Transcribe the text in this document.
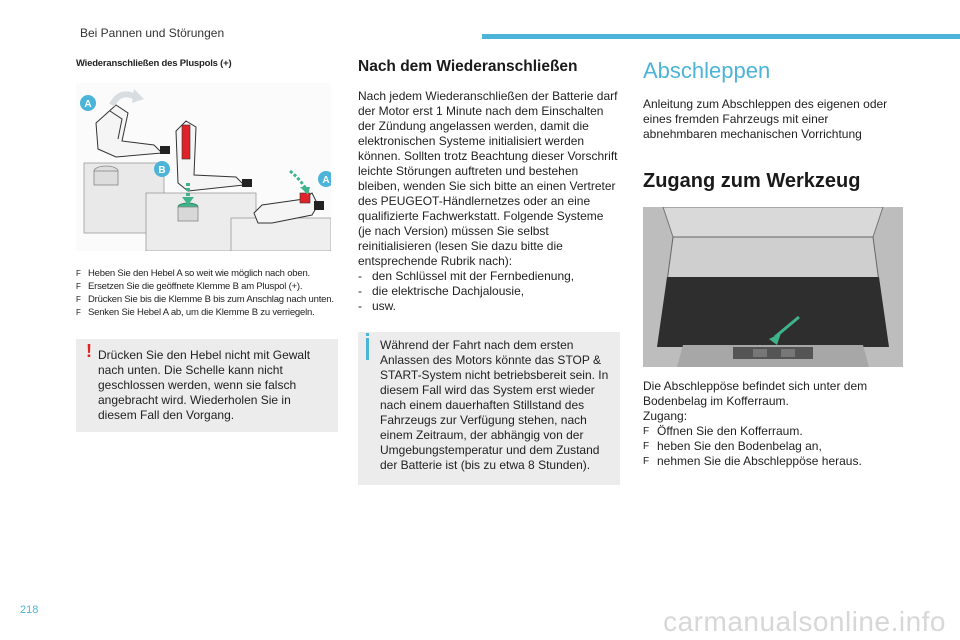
Bei Pannen und Störungen
Wiederanschließen des Pluspols (+)
A
B
A
F Heben Sie den Hebel A so weit wie möglich nach oben.
F Ersetzen Sie die geöffnete Klemme B am Pluspol (+).
F Drücken Sie bis die Klemme B bis zum Anschlag nach unten.
F Senken Sie Hebel A ab, um die Klemme B zu verriegeln.
! Drücken Sie den Hebel nicht mit Gewalt nach unten. Die Schelle kann nicht geschlossen werden, wenn sie falsch angebracht wird. Wiederholen Sie in diesem Fall den Vorgang.
Nach dem Wiederanschließen

Nach jedem Wiederanschließen der Batterie darf der Motor erst 1 Minute nach dem Einschalten der Zündung angelassen werden, damit die elektronischen Systeme initialisiert werden können. Sollten trotz Beachtung dieser Vorschrift leichte Störungen auftreten und bestehen bleiben, wenden Sie sich bitte an einen Vertreter des PEUGEOT-Händlernetzes oder an eine qualifizierte Fachwerkstatt. Folgende Systeme (je nach Version) müssen Sie selbst reinitialisieren (lesen Sie dazu bitte die entsprechende Rubrik nach):

- den Schlüssel mit der Fernbedienung,
- die elektrische Dachjalousie,
- usw.
Während der Fahrt nach dem ersten Anlassen des Motors könnte das STOP & START-System nicht betriebsbereit sein. In diesem Fall wird das System erst wieder nach einem dauerhaften Stillstand des Fahrzeugs zur Verfügung stehen, nach einem Zeitraum, der abhängig von der Umgebungstemperatur und dem Zustand der Batterie ist (bis zu etwa 8 Stunden).
Abschleppen

Anleitung zum Abschleppen des eigenen oder eines fremden Fahrzeugs mit einer abnehmbaren mechanischen Vorrichtung

Zugang zum Werkzeug

Die Abschleppöse befindet sich unter dem Bodenbelag im Kofferraum.

Zugang:
F Öffnen Sie den Kofferraum.
F heben Sie den Bodenbelag an,
F nehmen Sie die Abschleppöse heraus.
218	carmanualsonline.info
